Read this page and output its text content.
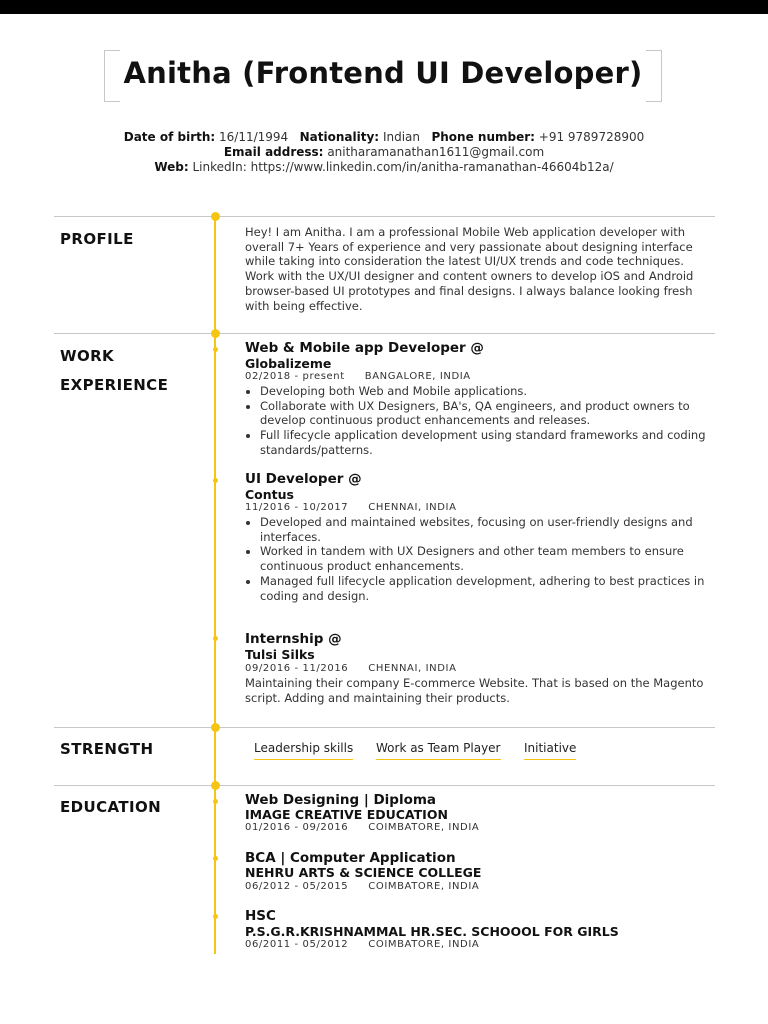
Anitha (Frontend UI Developer)
Date of birth: 16/11/1994 Nationality: Indian Phone number: +91 9789728900
Email address: anitharamanathan1611@gmail.com
Web: LinkedIn: https://www.linkedin.com/in/anitha-ramanathan-46604b12a/
PROFILE	Hey! I am Anitha. I am a professional Mobile Web application developer with overall 7+ Years of experience and very passionate about designing interface while taking into consideration the latest UI/UX trends and code techniques. Work with the UX/UI designer and content owners to develop iOS and Android browser-based UI prototypes and final designs. I always balance looking fresh with being effective.
WORK
EXPERIENCE
Web & Mobile app Developer @
Globalizeme
02/2018 - present BANGALORE, INDIA
• Developing both Web and Mobile applications.
• Collaborate with UX Designers, BA's, QA engineers, and product owners to develop continuous product enhancements and releases.
• Full lifecycle application development using standard frameworks and coding standards/patterns.
UI Developer @
Contus
11/2016 - 10/2017 CHENNAI, INDIA
• Developed and maintained websites, focusing on user-friendly designs and interfaces.
• Worked in tandem with UX Designers and other team members to ensure continuous product enhancements.
• Managed full lifecycle application development, adhering to best practices in coding and design.
Internship @
Tulsi Silks
09/2016 - 11/2016 CHENNAI, INDIA
Maintaining their company E-commerce Website. That is based on the Magento script. Adding and maintaining their products.
STRENGTH	Leadership skills Work as Team Player Initiative
EDUCATION	Web Designing | Diploma
IMAGE CREATIVE EDUCATION
01/2016 - 09/2016 COIMBATORE, INDIA
BCA | Computer Application
NEHRU ARTS & SCIENCE COLLEGE
06/2012 - 05/2015 COIMBATORE, INDIA
HSC
P.S.G.R.KRISHNAMMAL HR.SEC. SCHOOOL FOR GIRLS
06/2011 - 05/2012 COIMBATORE, INDIA
